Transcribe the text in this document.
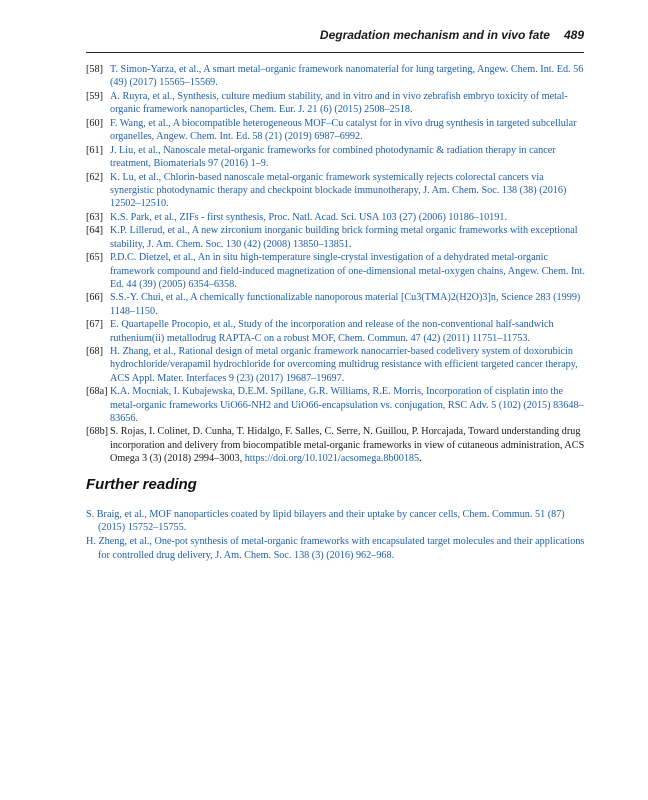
Degradation mechanism and in vivo fate 489
[58] T. Simon-Yarza, et al., A smart metal–organic framework nanomaterial for lung targeting, Angew. Chem. Int. Ed. 56 (49) (2017) 15565–15569.
[59] A. Ruyra, et al., Synthesis, culture medium stability, and in vitro and in vivo zebrafish embryo toxicity of metal-organic framework nanoparticles, Chem. Eur. J. 21 (6) (2015) 2508–2518.
[60] F. Wang, et al., A biocompatible heterogeneous MOF–Cu catalyst for in vivo drug synthesis in targeted subcellular organelles, Angew. Chem. Int. Ed. 58 (21) (2019) 6987–6992.
[61] J. Liu, et al., Nanoscale metal-organic frameworks for combined photodynamic & radiation therapy in cancer treatment, Biomaterials 97 (2016) 1–9.
[62] K. Lu, et al., Chlorin-based nanoscale metal-organic framework systemically rejects colorectal cancers via synergistic photodynamic therapy and checkpoint blockade immunotherapy, J. Am. Chem. Soc. 138 (38) (2016) 12502–12510.
[63] K.S. Park, et al., ZIFs - first synthesis, Proc. Natl. Acad. Sci. USA 103 (27) (2006) 10186–10191.
[64] K.P. Lillerud, et al., A new zirconium inorganic building brick forming metal organic frameworks with exceptional stability, J. Am. Chem. Soc. 130 (42) (2008) 13850–13851.
[65] P.D.C. Dietzel, et al., An in situ high-temperature single-crystal investigation of a dehydrated metal-organic framework compound and field-induced magnetization of one-dimensional metal-oxygen chains, Angew. Chem. Int. Ed. 44 (39) (2005) 6354–6358.
[66] S.S.-Y. Chui, et al., A chemically functionalizable nanoporous material [Cu3(TMA)2(H2O)3]n, Science 283 (1999) 1148–1150.
[67] E. Quartapelle Procopio, et al., Study of the incorporation and release of the non-conventional half-sandwich ruthenium(ii) metallodrug RAPTA-C on a robust MOF, Chem. Commun. 47 (42) (2011) 11751–11753.
[68] H. Zhang, et al., Rational design of metal organic framework nanocarrier-based codelivery system of doxorubicin hydrochloride/verapamil hydrochloride for overcoming multidrug resistance with efficient targeted cancer therapy, ACS Appl. Mater. Interfaces 9 (23) (2017) 19687–19697.
[68a] K.A. Mocniak, I. Kubajewska, D.E.M. Spillane, G.R. Williams, R.E. Morris, Incorporation of cisplatin into the metal-organic frameworks UiO66-NH2 and UiO66-encapsulation vs. conjugation, RSC Adv. 5 (102) (2015) 83648–83656.
[68b] S. Rojas, I. Colinet, D. Cunha, T. Hidalgo, F. Salles, C. Serre, N. Guillou, P. Horcajada, Toward understanding drug incorporation and delivery from biocompatible metal-organic frameworks in view of cutaneous administration, ACS Omega 3 (3) (2018) 2994–3003, https://doi.org/10.1021/acsomega.8b00185.
Further reading
S. Braig, et al., MOF nanoparticles coated by lipid bilayers and their uptake by cancer cells, Chem. Commun. 51 (87) (2015) 15752–15755.
H. Zheng, et al., One-pot synthesis of metal-organic frameworks with encapsulated target molecules and their applications for controlled drug delivery, J. Am. Chem. Soc. 138 (3) (2016) 962–968.
